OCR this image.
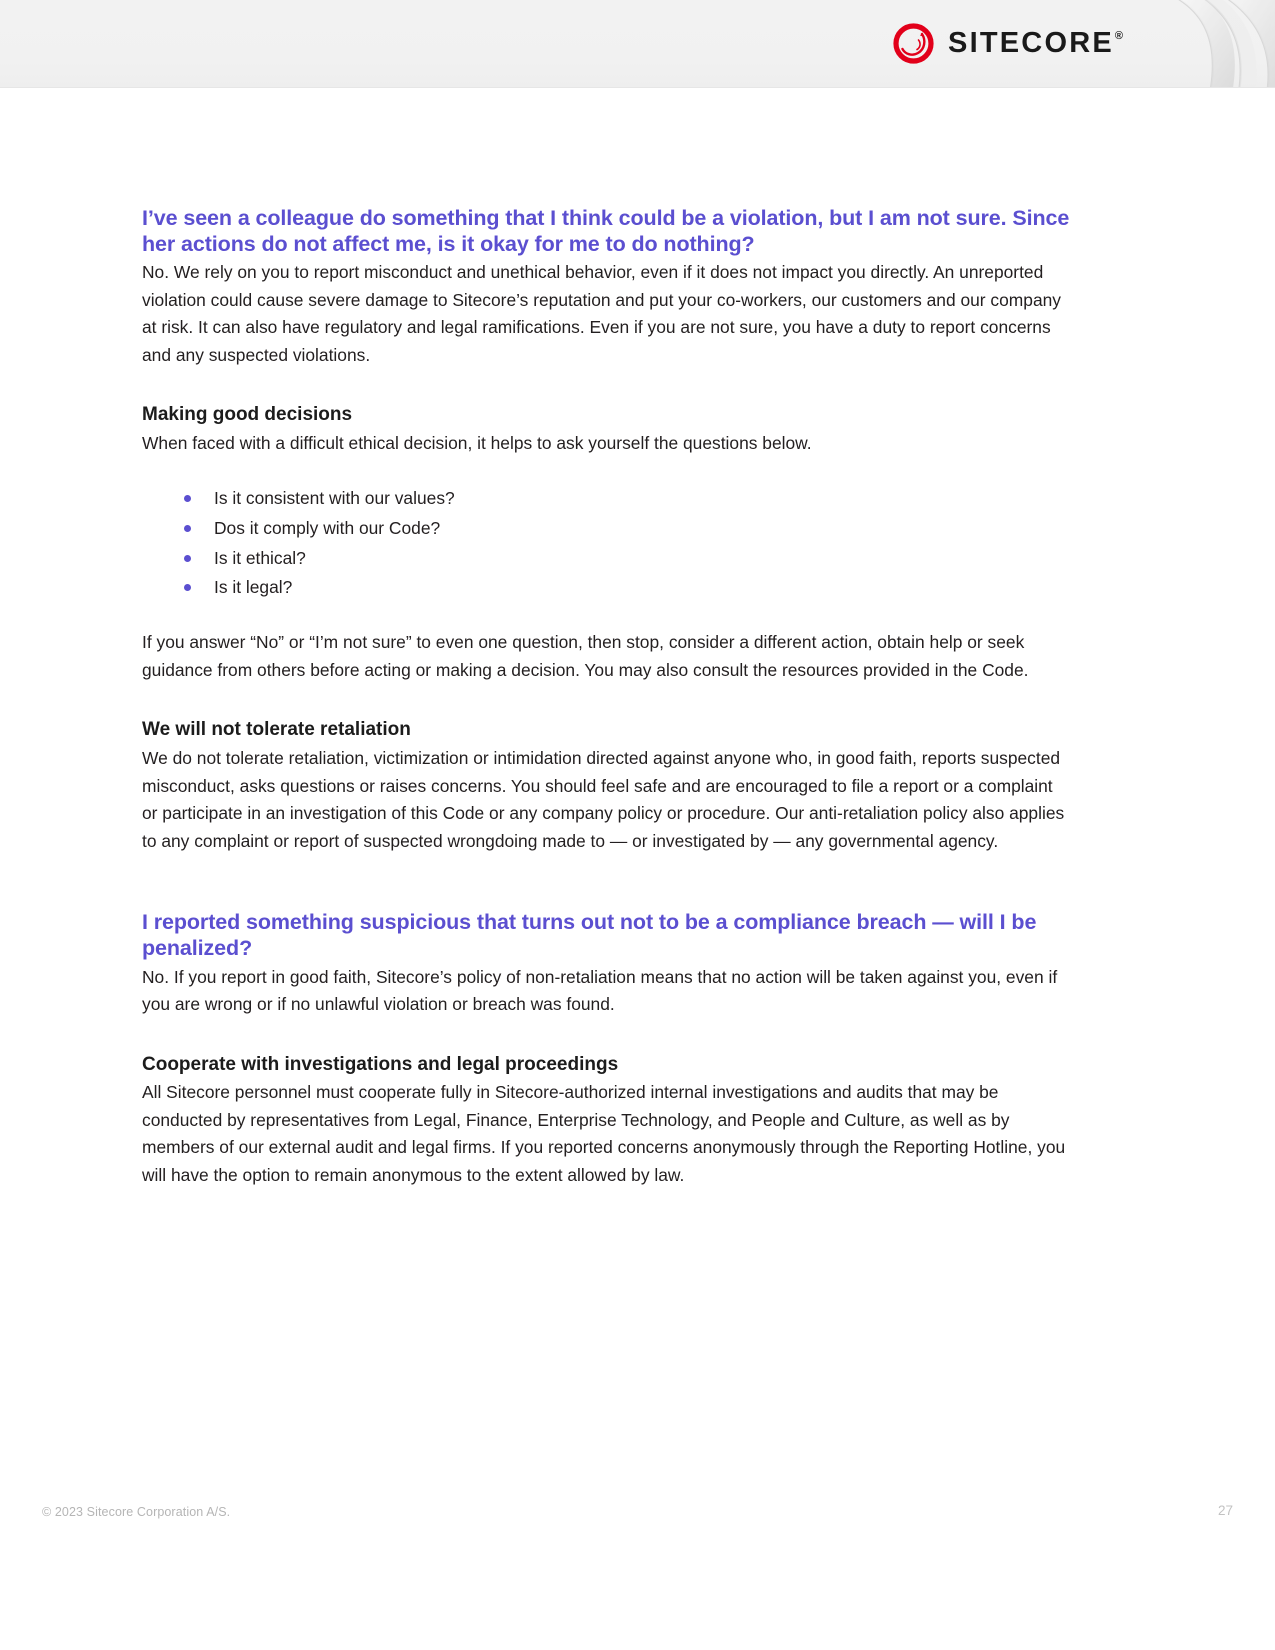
SITECORE ®
I’ve seen a colleague do something that I think could be a violation, but I am not sure. Since her actions do not affect me, is it okay for me to do nothing?

No. We rely on you to report misconduct and unethical behavior, even if it does not impact you directly. An unreported violation could cause severe damage to Sitecore’s reputation and put your co-workers, our customers and our company at risk. It can also have regulatory and legal ramifications. Even if you are not sure, you have a duty to report concerns and any suspected violations.

Making good decisions

When faced with a difficult ethical decision, it helps to ask yourself the questions below.

Is it consistent with our values?
Dos it comply with our Code?
Is it ethical?
Is it legal?

If you answer “No” or “I’m not sure” to even one question, then stop, consider a different action, obtain help or seek guidance from others before acting or making a decision. You may also consult the resources provided in the Code.

We will not tolerate retaliation

We do not tolerate retaliation, victimization or intimidation directed against anyone who, in good faith, reports suspected misconduct, asks questions or raises concerns. You should feel safe and are encouraged to file a report or a complaint or participate in an investigation of this Code or any company policy or procedure. Our anti-retaliation policy also applies to any complaint or report of suspected wrongdoing made to — or investigated by — any governmental agency.

I reported something suspicious that turns out not to be a compliance breach — will I be penalized?

No. If you report in good faith, Sitecore’s policy of non-retaliation means that no action will be taken against you, even if you are wrong or if no unlawful violation or breach was found.

Cooperate with investigations and legal proceedings

All Sitecore personnel must cooperate fully in Sitecore-authorized internal investigations and audits that may be conducted by representatives from Legal, Finance, Enterprise Technology, and People and Culture, as well as by members of our external audit and legal firms. If you reported concerns anonymously through the Reporting Hotline, you will have the option to remain anonymous to the extent allowed by law.

© 2023 Sitecore Corporation A/S.	27
